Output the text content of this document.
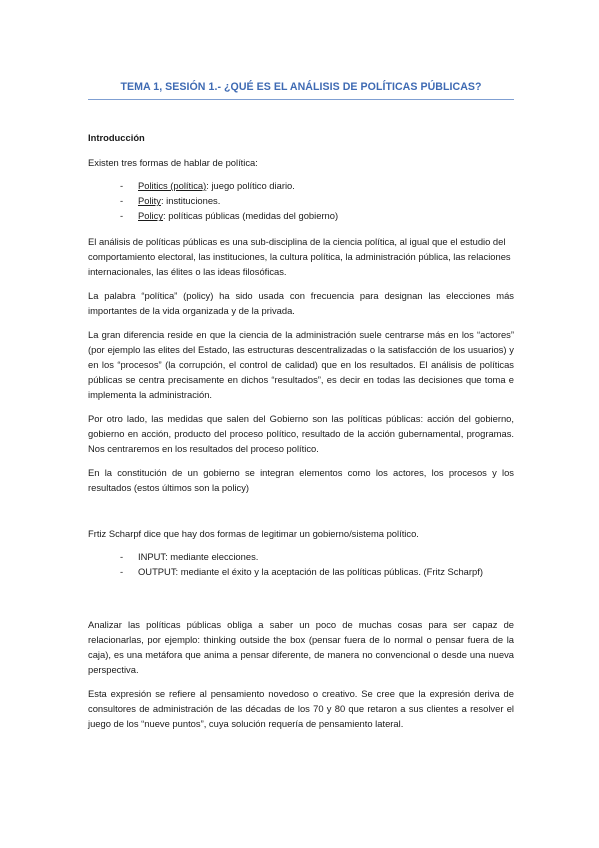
TEMA 1, SESIÓN 1.- ¿QUÉ ES EL ANÁLISIS DE POLÍTICAS PÚBLICAS?

Introducción

Existen tres formas de hablar de política:

- Politics (política): juego político diario.
- Polity: instituciones.
- Policy: políticas públicas (medidas del gobierno)

El análisis de políticas públicas es una sub-disciplina de la ciencia política, al igual que el estudio del comportamiento electoral, las instituciones, la cultura política, la administración pública, las relaciones internacionales, las élites o las ideas filosóficas.

La palabra “política” (policy) ha sido usada con frecuencia para designan las elecciones más importantes de la vida organizada y de la privada.

La gran diferencia reside en que la ciencia de la administración suele centrarse más en los “actores” (por ejemplo las elites del Estado, las estructuras descentralizadas o la satisfacción de los usuarios) y en los “procesos” (la corrupción, el control de calidad) que en los resultados. El análisis de políticas públicas se centra precisamente en dichos “resultados”, es decir en todas las decisiones que toma e implementa la administración.

Por otro lado, las medidas que salen del Gobierno son las políticas públicas: acción del gobierno, gobierno en acción, producto del proceso político, resultado de la acción gubernamental, programas. Nos centraremos en los resultados del proceso político.

En la constitución de un gobierno se integran elementos como los actores, los procesos y los resultados (estos últimos son la policy)

Frtiz Scharpf dice que hay dos formas de legitimar un gobierno/sistema político.

- INPUT: mediante elecciones.
- OUTPUT: mediante el éxito y la aceptación de las políticas públicas. (Fritz Scharpf)

Analizar las políticas públicas obliga a saber un poco de muchas cosas para ser capaz de relacionarlas, por ejemplo: thinking outside the box (pensar fuera de lo normal o pensar fuera de la caja), es una metáfora que anima a pensar diferente, de manera no convencional o desde una nueva perspectiva.

Esta expresión se refiere al pensamiento novedoso o creativo. Se cree que la expresión deriva de consultores de administración de las décadas de los 70 y 80 que retaron a sus clientes a resolver el juego de los “nueve puntos”, cuya solución requería de pensamiento lateral.
